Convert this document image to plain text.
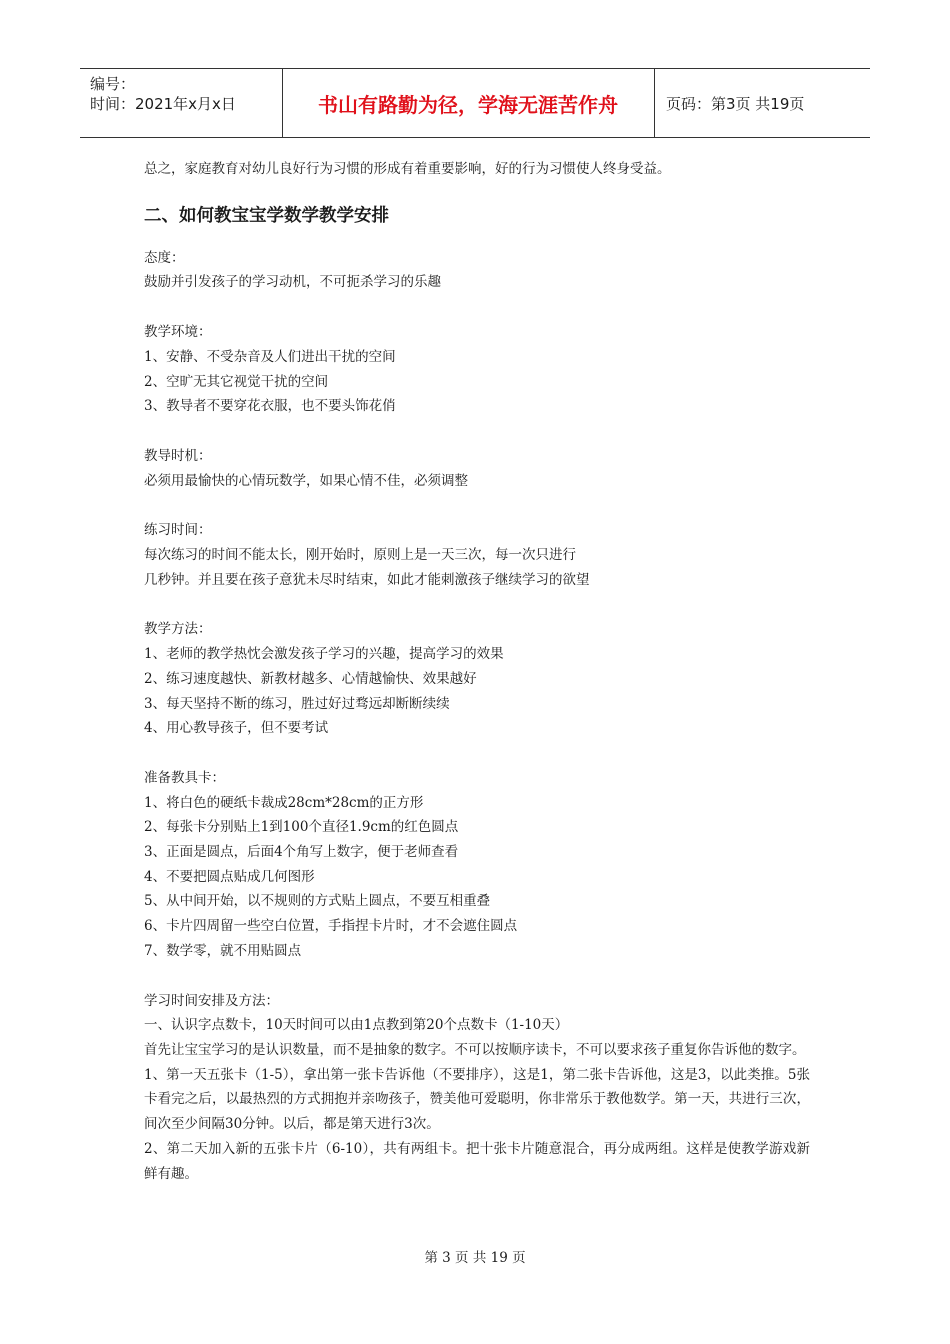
编号：
时间：2021年x月x日	书山有路勤为径，学海无涯苦作舟	页码：第3页 共19页
总之，家庭教育对幼儿良好行为习惯的形成有着重要影响，好的行为习惯使人终身受益。
二、如何教宝宝学数学教学安排
态度：
鼓励并引发孩子的学习动机，不可扼杀学习的乐趣
教学环境：
1、安静、不受杂音及人们进出干扰的空间
2、空旷无其它视觉干扰的空间
3、教导者不要穿花衣服，也不要头饰花俏
教导时机：
必须用最愉快的心情玩数学，如果心情不佳，必须调整
练习时间：
每次练习的时间不能太长，刚开始时，原则上是一天三次，每一次只进行
几秒钟。并且要在孩子意犹未尽时结束，如此才能刺激孩子继续学习的欲望
教学方法：
1、老师的教学热忱会激发孩子学习的兴趣，提高学习的效果
2、练习速度越快、新教材越多、心情越愉快、效果越好
3、每天坚持不断的练习，胜过好过骛远却断断续续
4、用心教导孩子，但不要考试
准备教具卡：
1、将白色的硬纸卡裁成28cm*28cm的正方形
2、每张卡分别贴上1到100个直径1.9cm的红色圆点
3、正面是圆点，后面4个角写上数字，便于老师查看
4、不要把圆点贴成几何图形
5、从中间开始，以不规则的方式贴上圆点，不要互相重叠
6、卡片四周留一些空白位置，手指捏卡片时，才不会遮住圆点
7、数学零，就不用贴圆点
学习时间安排及方法：
一、认识字点数卡，10天时间可以由1点教到第20个点数卡（1-10天）
首先让宝宝学习的是认识数量，而不是抽象的数字。不可以按顺序读卡，不可以要求孩子重复你告诉他的数字。
1、第一天五张卡（1-5），拿出第一张卡告诉他（不要排序），这是1，第二张卡告诉他，这是3，以此类推。5张卡看完之后，以最热烈的方式拥抱并亲吻孩子，赞美他可爱聪明，你非常乐于教他数学。第一天，共进行三次，间次至少间隔30分钟。以后，都是第天进行3次。
2、第二天加入新的五张卡片（6-10），共有两组卡。把十张卡片随意混合，再分成两组。这样是使教学游戏新鲜有趣。
第 3 页 共 19 页
